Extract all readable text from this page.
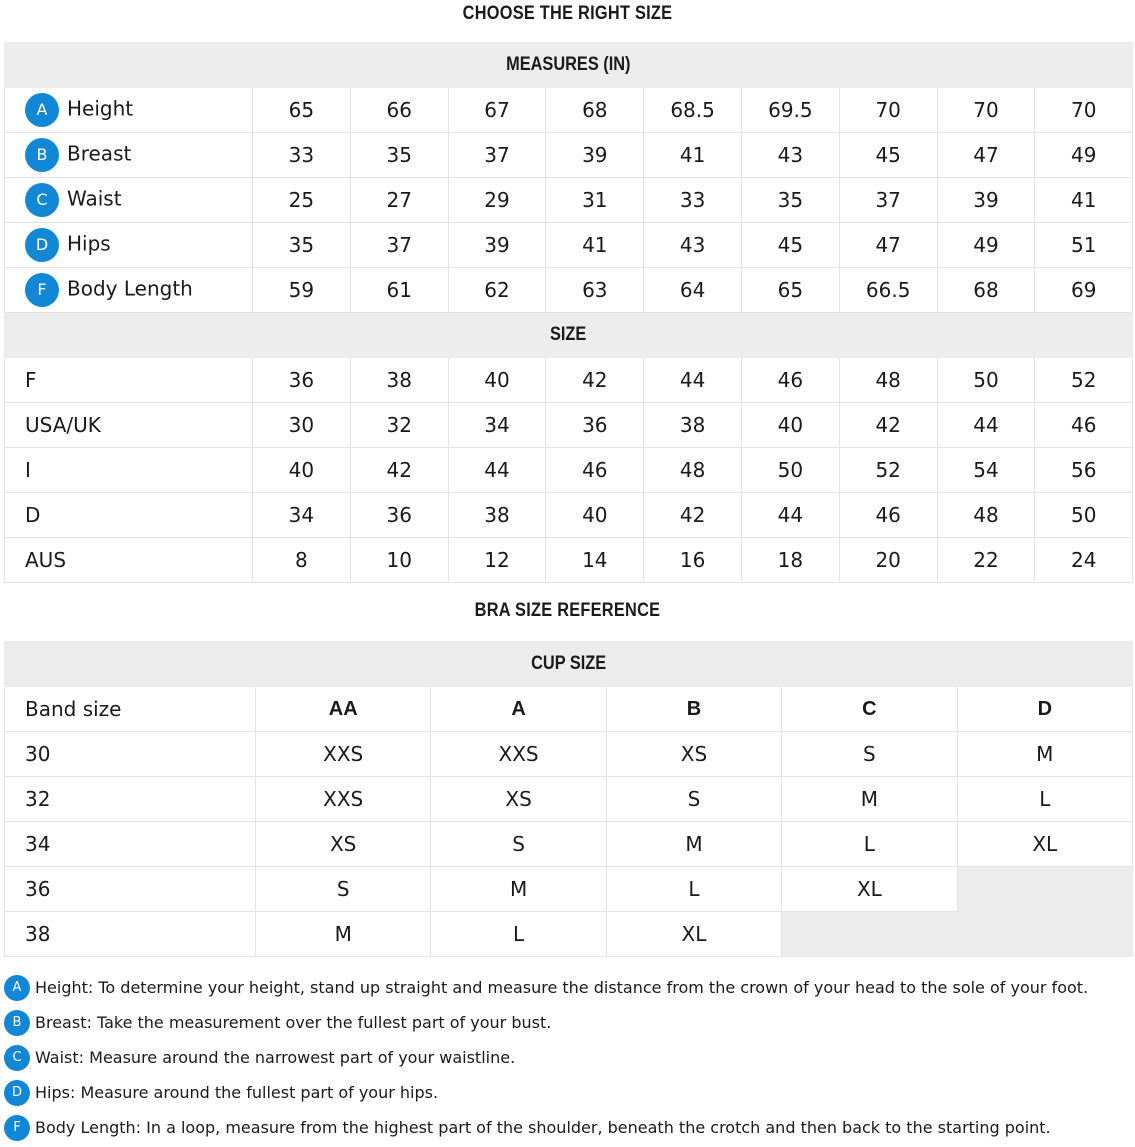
CHOOSE THE RIGHT SIZE
MEASURES (IN)									
A Height	65	66	67	68	68.5	69.5	70	70	70
B Breast	33	35	37	39	41	43	45	47	49
C Waist	25	27	29	31	33	35	37	39	41
D Hips	35	37	39	41	43	45	47	49	51
F Body Length	59	61	62	63	64	65	66.5	68	69
SIZE									
F	36	38	40	42	44	46	48	50	52
USA/UK	30	32	34	36	38	40	42	44	46
I	40	42	44	46	48	50	52	54	56
D	34	36	38	40	42	44	46	48	50
AUS	8	10	12	14	16	18	20	22	24
BRA SIZE REFERENCE
CUP SIZE					
Band size	AA	A	B	C	D
30	XXS	XXS	XS	S	M
32	XXS	XS	S	M	L
34	XS	S	M	L	XL
36	S	M	L	XL	
38	M	L	XL		
A Height: To determine your height, stand up straight and measure the distance from the crown of your head to the sole of your foot.
B Breast: Take the measurement over the fullest part of your bust.
C Waist: Measure around the narrowest part of your waistline.
D Hips: Measure around the fullest part of your hips.
F Body Length: In a loop, measure from the highest part of the shoulder, beneath the crotch and then back to the starting point.
